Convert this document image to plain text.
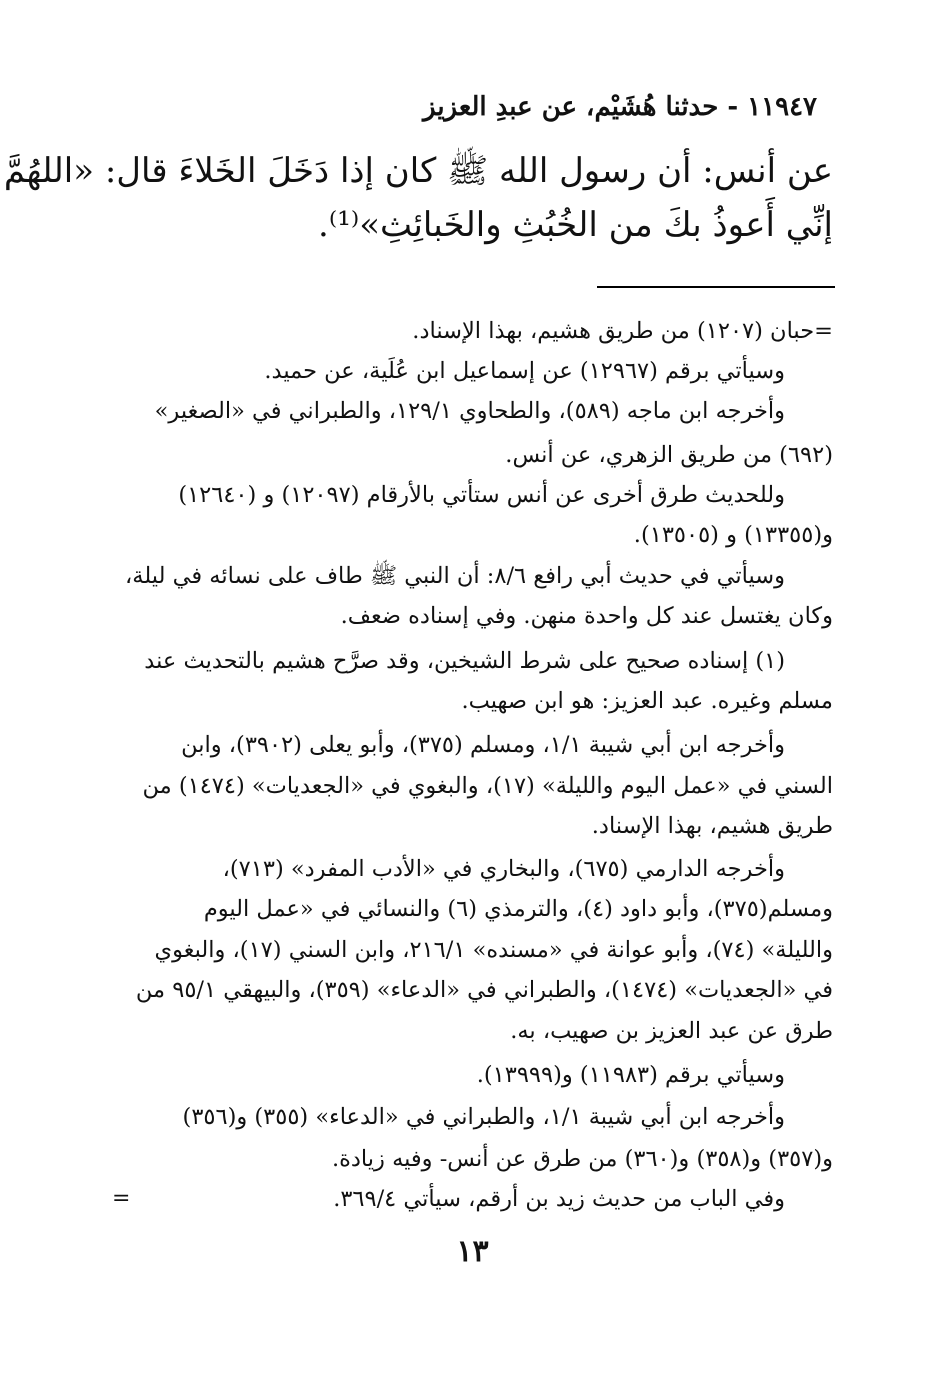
١١٩٤٧ - حدثنا هُشَيْم، عن عبدِ العزيز
عن أنس: أن رسول الله ﷺ كان إذا دَخَلَ الخَلاءَ قال: «اللهُمَّ
إنِّي أَعوذُ بكَ من الخُبُثِ والخَبائِثِ»⁽¹⁾.
=حبان (١٢٠٧) من طريق هشيم، بهذا الإسناد.
وسيأتي برقم (١٢٩٦٧) عن إسماعيل ابن عُلَية، عن حميد.
وأخرجه ابن ماجه (٥٨٩)، والطحاوي ١٢٩/١، والطبراني في «الصغير»
(٦٩٢) من طريق الزهري، عن أنس.
وللحديث طرق أخرى عن أنس ستأتي بالأرقام (١٢٠٩٧) و (١٢٦٤٠)
و(١٣٣٥٥) و (١٣٥٠٥).
وسيأتي في حديث أبي رافع ٨/٦: أن النبي ﷺ طاف على نسائه في ليلة،
وكان يغتسل عند كل واحدة منهن. وفي إسناده ضعف.
(١) إسناده صحيح على شرط الشيخين، وقد صرَّح هشيم بالتحديث عند
مسلم وغيره. عبد العزيز: هو ابن صهيب.
وأخرجه ابن أبي شيبة ١/١، ومسلم (٣٧٥)، وأبو يعلى (٣٩٠٢)، وابن
السني في «عمل اليوم والليلة» (١٧)، والبغوي في «الجعديات» (١٤٧٤) من
طريق هشيم، بهذا الإسناد.
وأخرجه الدارمي (٦٧٥)، والبخاري في «الأدب المفرد» (٧١٣)،
ومسلم(٣٧٥)، وأبو داود (٤)، والترمذي (٦) والنسائي في «عمل اليوم
والليلة» (٧٤)، وأبو عوانة في «مسنده» ٢١٦/١، وابن السني (١٧)، والبغوي
في «الجعديات» (١٤٧٤)، والطبراني في «الدعاء» (٣٥٩)، والبيهقي ٩٥/١ من
طرق عن عبد العزيز بن صهيب، به.
وسيأتي برقم (١١٩٨٣) و(١٣٩٩٩).
وأخرجه ابن أبي شيبة ١/١، والطبراني في «الدعاء» (٣٥٥) و(٣٥٦)
و(٣٥٧) و(٣٥٨) و(٣٦٠) من طرق عن أنس- وفيه زيادة.
وفي الباب من حديث زيد بن أرقم، سيأتي ٣٦٩/٤.
=
١٣
